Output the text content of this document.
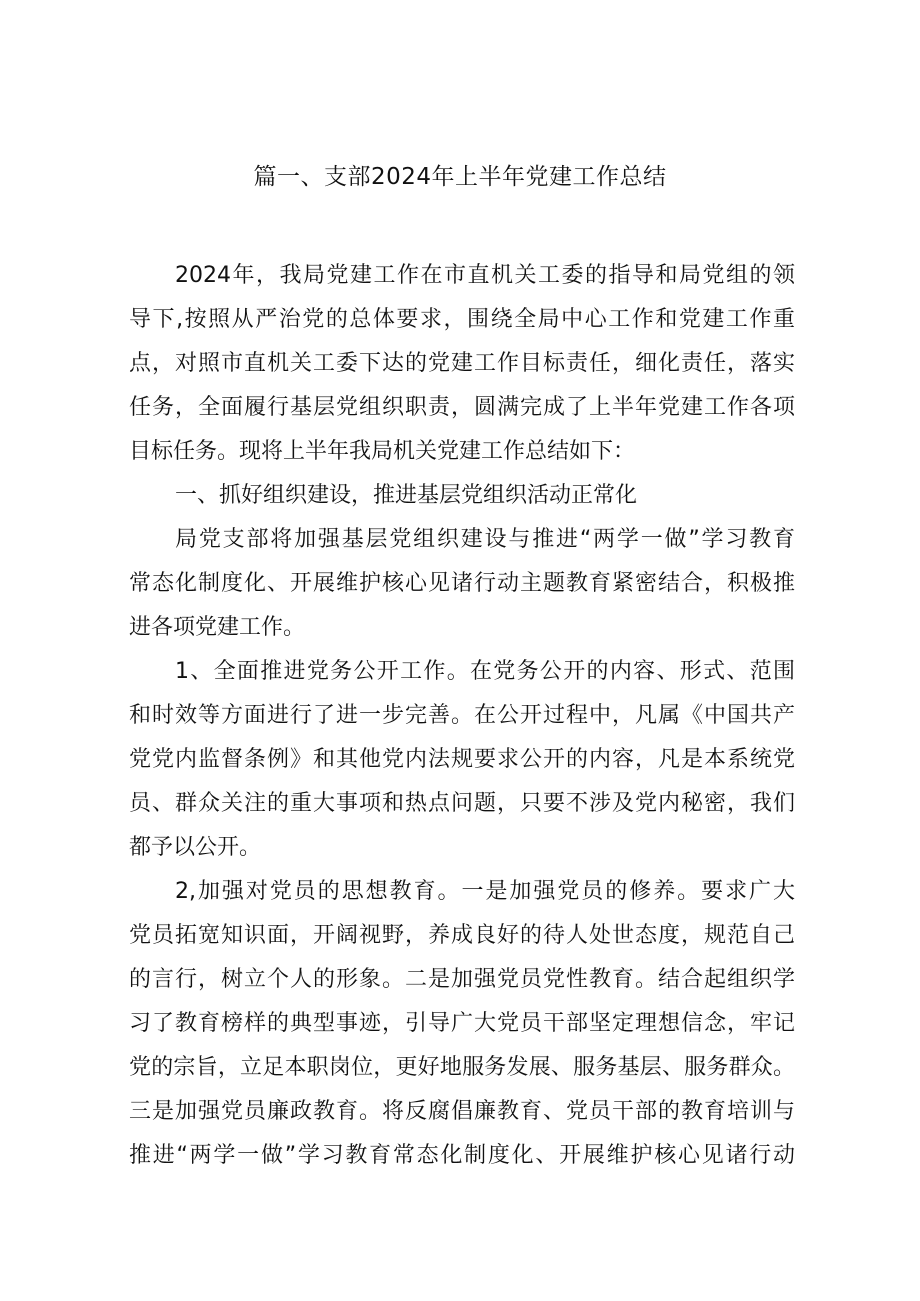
篇一、支部2024年上半年党建工作总结
2024年，我局党建工作在市直机关工委的指导和局党组的领
导下,按照从严治党的总体要求，围绕全局中心工作和党建工作重
点，对照市直机关工委下达的党建工作目标责任，细化责任，落实
任务，全面履行基层党组织职责，圆满完成了上半年党建工作各项
目标任务。现将上半年我局机关党建工作总结如下：
一、抓好组织建设，推进基层党组织活动正常化
局党支部将加强基层党组织建设与推进“两学一做”学习教育
常态化制度化、开展维护核心见诸行动主题教育紧密结合，积极推
进各项党建工作。
1、全面推进党务公开工作。在党务公开的内容、形式、范围
和时效等方面进行了进一步完善。在公开过程中，凡属《中国共产
党党内监督条例》和其他党内法规要求公开的内容，凡是本系统党
员、群众关注的重大事项和热点问题，只要不涉及党内秘密，我们
都予以公开。
2,加强对党员的思想教育。一是加强党员的修养。要求广大
党员拓宽知识面，开阔视野，养成良好的待人处世态度，规范自己
的言行，树立个人的形象。二是加强党员党性教育。结合起组织学
习了教育榜样的典型事迹，引导广大党员干部坚定理想信念，牢记
党的宗旨，立足本职岗位，更好地服务发展、服务基层、服务群众。
三是加强党员廉政教育。将反腐倡廉教育、党员干部的教育培训与
推进“两学一做”学习教育常态化制度化、开展维护核心见诸行动
